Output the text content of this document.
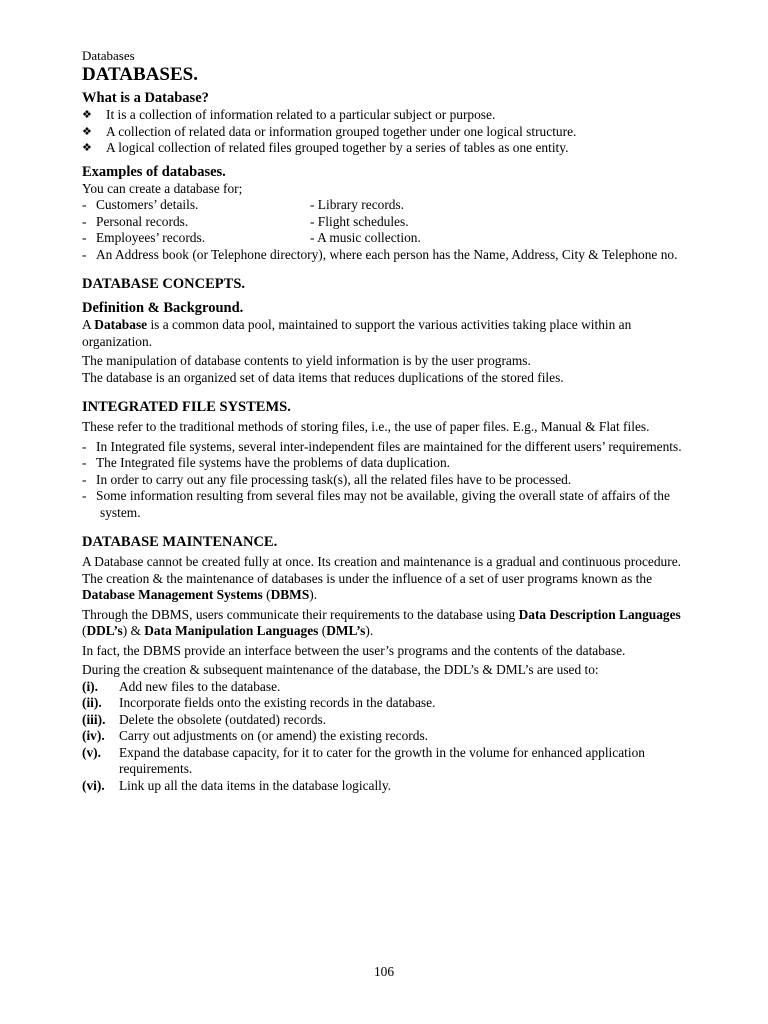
Databases
DATABASES.
What is a Database?
❖	It is a collection of information related to a particular subject or purpose.
❖	A collection of related data or information grouped together under one logical structure.
❖	A logical collection of related files grouped together by a series of tables as one entity.
Examples of databases.

You can create a database for;

- Customers’ details.	- Library records.
- Personal records.	- Flight schedules.
- Employees’ records.	- A music collection.
- An Address book (or Telephone directory), where each person has the Name, Address, City & Telephone no.
DATABASE CONCEPTS.
Definition & Background.

A Database is a common data pool, maintained to support the various activities taking place within an organization.

The manipulation of database contents to yield information is by the user programs.

The database is an organized set of data items that reduces duplications of the stored files.

INTEGRATED FILE SYSTEMS.

These refer to the traditional methods of storing files, i.e., the use of paper files. E.g., Manual & Flat files.

- In Integrated file systems, several inter-independent files are maintained for the different users’ requirements.
- The Integrated file systems have the problems of data duplication.
- In order to carry out any file processing task(s), all the related files have to be processed.
- Some information resulting from several files may not be available, giving the overall state of affairs of the system.
DATABASE MAINTENANCE.

A Database cannot be created fully at once. Its creation and maintenance is a gradual and continuous procedure. The creation & the maintenance of databases is under the influence of a set of user programs known as the Database Management Systems (DBMS).

Through the DBMS, users communicate their requirements to the database using Data Description Languages (DDL’s) & Data Manipulation Languages (DML’s).

In fact, the DBMS provide an interface between the user’s programs and the contents of the database.

During the creation & subsequent maintenance of the database, the DDL’s & DML’s are used to:

(i). Add new files to the database.
(ii). Incorporate fields onto the existing records in the database.
(iii). Delete the obsolete (outdated) records.
(iv). Carry out adjustments on (or amend) the existing records.
(v). Expand the database capacity, for it to cater for the growth in the volume for enhanced application requirements.
(vi). Link up all the data items in the database logically.
106
